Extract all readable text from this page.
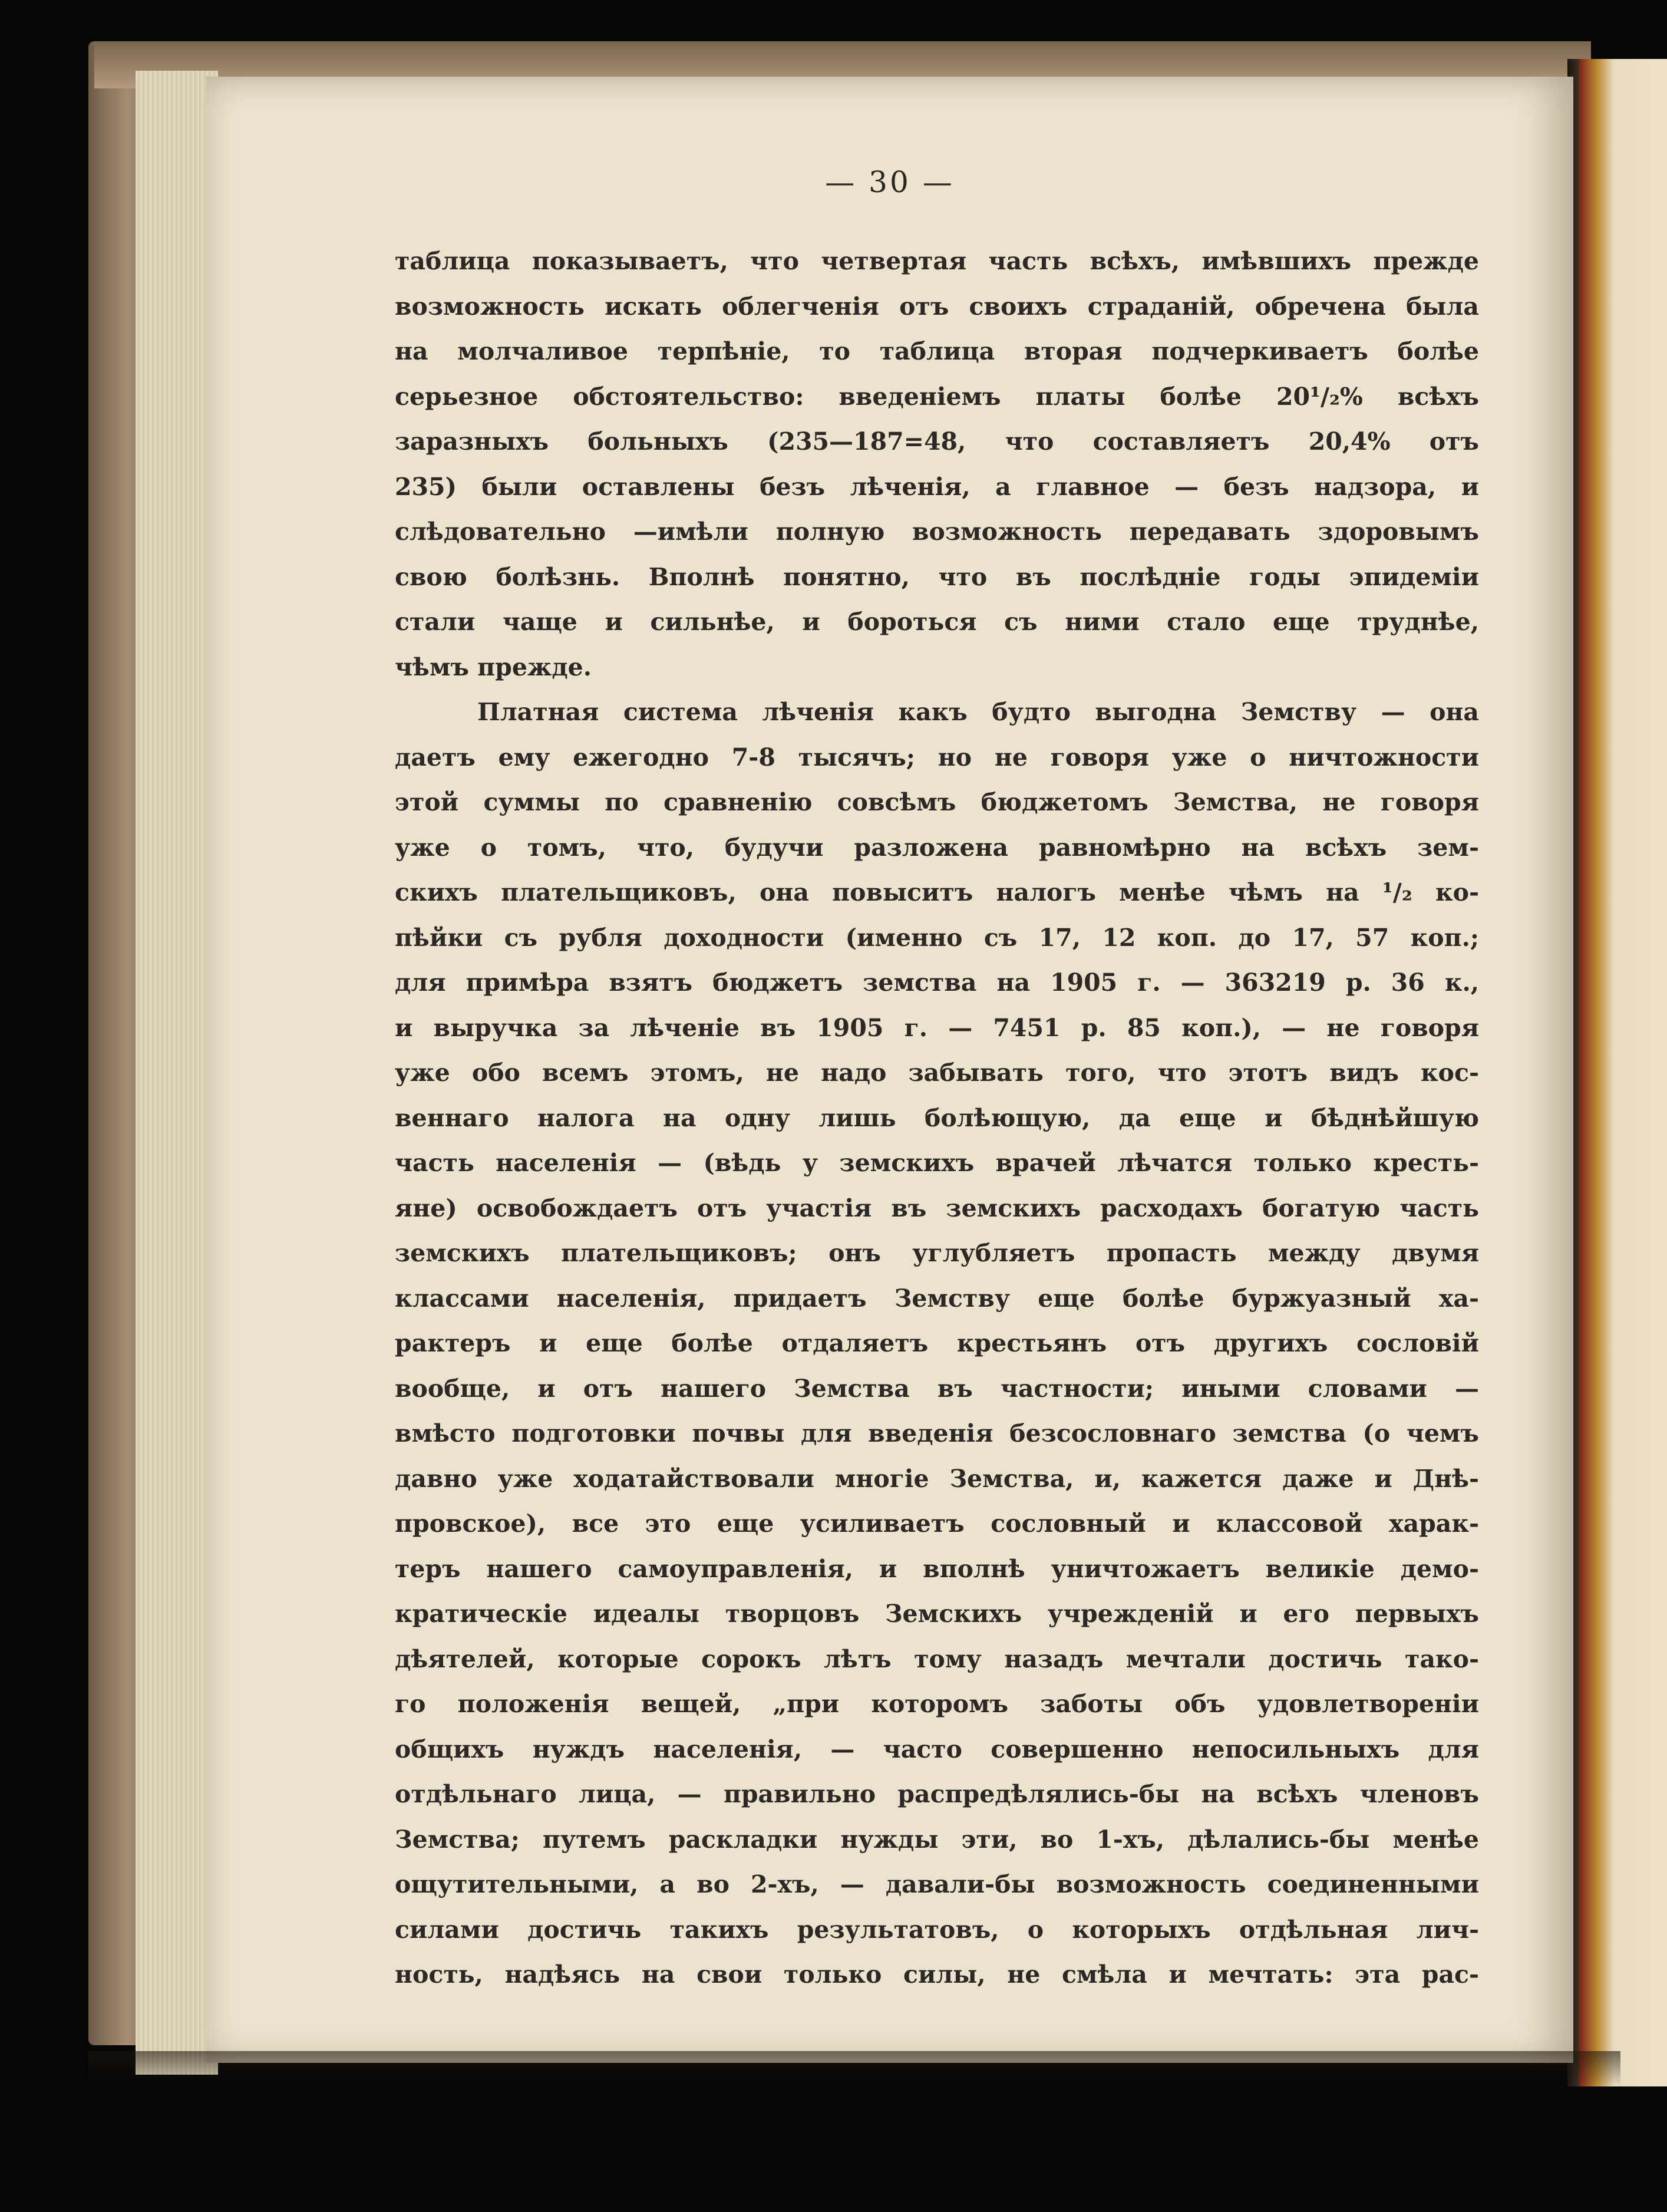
— 30 —
таблица показываетъ, что четвертая часть всѣхъ, имѣвшихъ прежде
возможность искать облегченія отъ своихъ страданій, обречена была
на молчаливое терпѣніе, то таблица вторая подчеркиваетъ болѣе
серьезное обстоятельство: введеніемъ платы болѣе 20¹/₂% всѣхъ
заразныхъ больныхъ (235—187=48, что составляетъ 20,4% отъ
235) были оставлены безъ лѣченія, а главное — безъ надзора, и
слѣдовательно —имѣли полную возможность передавать здоровымъ
свою болѣзнь. Вполнѣ понятно, что въ послѣдніе годы эпидеміи
стали чаще и сильнѣе, и бороться съ ними стало еще труднѣе,
чѣмъ прежде.
Платная система лѣченія какъ будто выгодна Земству — она
даетъ ему ежегодно 7-8 тысячъ; но не говоря уже о ничтожности
этой суммы по сравненію совсѣмъ бюджетомъ Земства, не говоря
уже о томъ, что, будучи разложена равномѣрно на всѣхъ зем-
скихъ плательщиковъ, она повыситъ налогъ менѣе чѣмъ на ¹/₂ ко-
пѣйки съ рубля доходности (именно съ 17, 12 коп. до 17, 57 коп.;
для примѣра взятъ бюджетъ земства на 1905 г. — 363219 р. 36 к.,
и выручка за лѣченіе въ 1905 г. — 7451 р. 85 коп.), — не говоря
уже обо всемъ этомъ, не надо забывать того, что этотъ видъ кос-
веннаго налога на одну лишь болѣющую, да еще и бѣднѣйшую
часть населенія — (вѣдь у земскихъ врачей лѣчатся только кресть-
яне) освобождаетъ отъ участія въ земскихъ расходахъ богатую часть
земскихъ плательщиковъ; онъ углубляетъ пропасть между двумя
классами населенія, придаетъ Земству еще болѣе буржуазный ха-
рактеръ и еще болѣе отдаляетъ крестьянъ отъ другихъ сословій
вообще, и отъ нашего Земства въ частности; иными словами —
вмѣсто подготовки почвы для введенія безсословнаго земства (о чемъ
давно уже ходатайствовали многіе Земства, и, кажется даже и Днѣ-
провское), все это еще усиливаетъ сословный и классовой харак-
теръ нашего самоуправленія, и вполнѣ уничтожаетъ великіе демо-
кратическіе идеалы творцовъ Земскихъ учрежденій и его первыхъ
дѣятелей, которые сорокъ лѣтъ тому назадъ мечтали достичь тако-
го положенія вещей, „при которомъ заботы объ удовлетвореніи
общихъ нуждъ населенія, — часто совершенно непосильныхъ для
отдѣльнаго лица, — правильно распредѣлялись-бы на всѣхъ членовъ
Земства; путемъ раскладки нужды эти, во 1-хъ, дѣлались-бы менѣе
ощутительными, а во 2-хъ, — давали-бы возможность соединенными
силами достичь такихъ результатовъ, о которыхъ отдѣльная лич-
ность, надѣясь на свои только силы, не смѣла и мечтать: эта рас-
